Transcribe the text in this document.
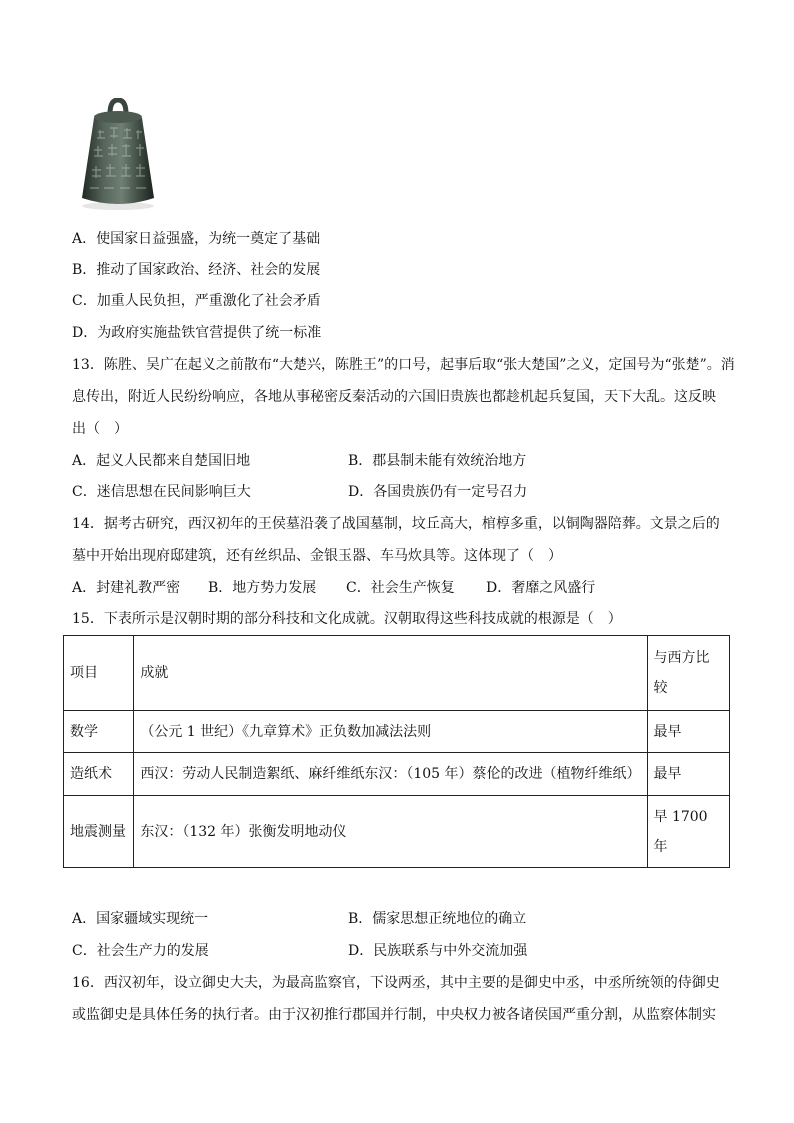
A．使国家日益强盛，为统一奠定了基础
B．推动了国家政治、经济、社会的发展
C．加重人民负担，严重激化了社会矛盾
D．为政府实施盐铁官营提供了统一标准
13．陈胜、吴广在起义之前散布“大楚兴，陈胜王”的口号，起事后取“张大楚国”之义，定国号为“张楚”。消
息传出，附近人民纷纷响应，各地从事秘密反秦活动的六国旧贵族也都趁机起兵复国，天下大乱。这反映
出（　）
A．起义人民都来自楚国旧地	B．郡县制未能有效统治地方
C．迷信思想在民间影响巨大	D．各国贵族仍有一定号召力
14．据考古研究，西汉初年的王侯墓沿袭了战国墓制，坟丘高大，棺椁多重，以铜陶器陪葬。文景之后的
墓中开始出现府邸建筑，还有丝织品、金银玉器、车马炊具等。这体现了（　）
A．封建礼教严密 B．地方势力发展 C．社会生产恢复 D．奢靡之风盛行
15．下表所示是汉朝时期的部分科技和文化成就。汉朝取得这些科技成就的根源是（　）
项目	成就	与西方比较
数学	（公元 1 世纪）《九章算术》正负数加减法法则	最早
造纸术	西汉：劳动人民制造絮纸、麻纤维纸东汉：（105 年）蔡伦的改进（植物纤维纸）	最早
地震测量	东汉：（132 年）张衡发明地动仪	早 1700 年
A．国家疆域实现统一	B．儒家思想正统地位的确立
C．社会生产力的发展	D．民族联系与中外交流加强
16．西汉初年，设立御史大夫，为最高监察官，下设两丞，其中主要的是御史中丞，中丞所统领的侍御史
或监御史是具体任务的执行者。由于汉初推行郡国并行制，中央权力被各诸侯国严重分割，从监察体制实
